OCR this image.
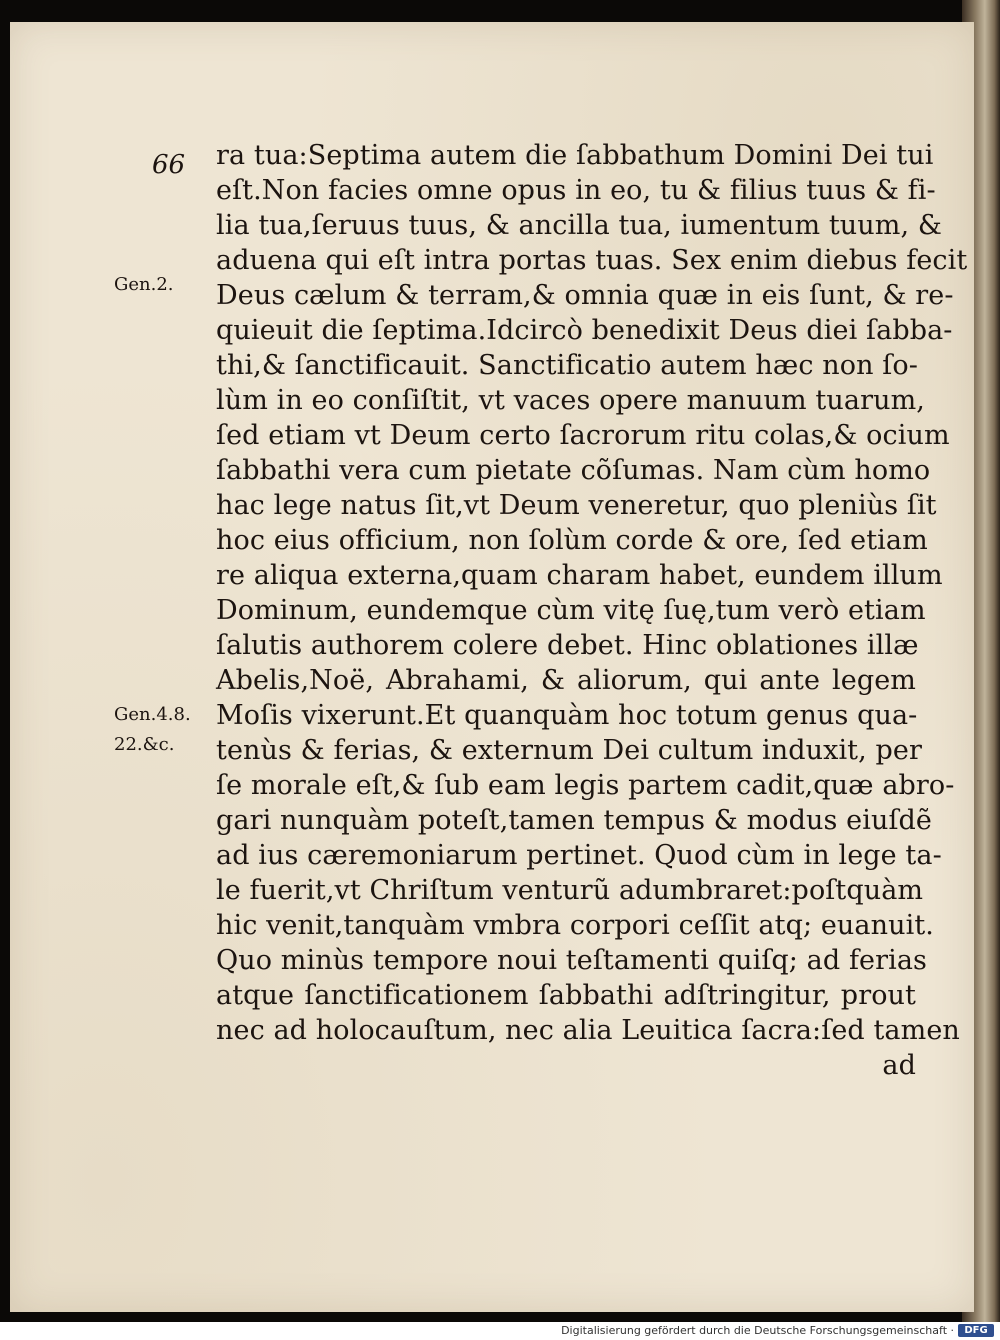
66
Gen.2.
Gen.4.8.
22.&c.
ra tua:Septima autem die ſabbathum Domini Dei tui
eſt.Non facies omne opus in eo, tu & filius tuus & fi-
lia tua,ſeruus tuus, & ancilla tua, iumentum tuum, &
aduena qui eſt intra portas tuas. Sex enim diebus fecit
Deus cælum & terram,& omnia quæ in eis ſunt, & re-
quieuit die ſeptima.Idcircò benedixit Deus diei ſabba-
thi,& ſanctificauit. Sanctificatio autem hæc non ſo-
lùm in eo conſiſtit, vt vaces opere manuum tuarum,
ſed etiam vt Deum certo ſacrorum ritu colas,& ocium
ſabbathi vera cum pietate cõſumas. Nam cùm homo
hac lege natus ſit,vt Deum veneretur, quo pleniùs ſit
hoc eius officium, non ſolùm corde & ore, ſed etiam
re aliqua externa,quam charam habet, eundem illum
Dominum, eundemque cùm vitę ſuę,tum verò etiam
ſalutis authorem colere debet. Hinc oblationes illæ
Abelis,Noë, Abrahami, & aliorum, qui ante legem
Moſis vixerunt.Et quanquàm hoc totum genus qua-
tenùs & ferias, & externum Dei cultum induxit, per
ſe morale eſt,& ſub eam legis partem cadit,quæ abro-
gari nunquàm poteſt,tamen tempus & modus eiuſdẽ
ad ius cæremoniarum pertinet. Quod cùm in lege ta-
le fuerit,vt Chriſtum venturũ adumbraret:poſtquàm
hic venit,tanquàm vmbra corpori ceſſit atq; euanuit.
Quo minùs tempore noui teſtamenti quiſq; ad ferias
atque ſanctificationem ſabbathi adſtringitur, prout
nec ad holocauſtum, nec alia Leuitica ſacra:ſed tamen
ad
Digitalisierung gefördert durch die Deutsche Forschungsgemeinschaft ·	DFG
